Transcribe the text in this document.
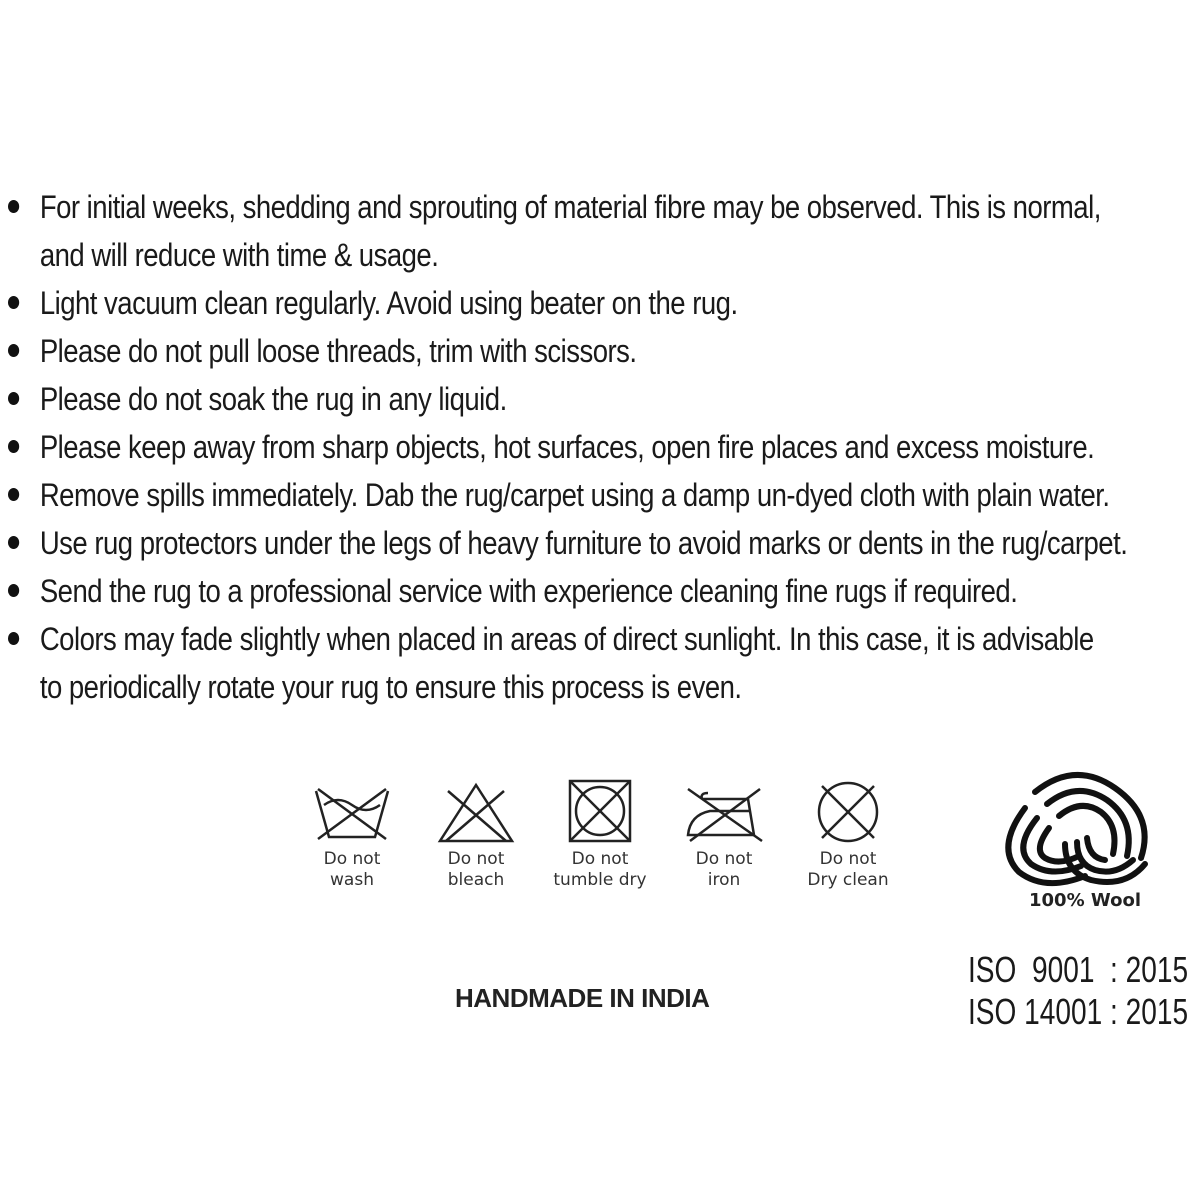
For initial weeks, shedding and sprouting of material fibre may be observed. This is normal,
and will reduce with time & usage.
Light vacuum clean regularly. Avoid using beater on the rug.
Please do not pull loose threads, trim with scissors.
Please do not soak the rug in any liquid.
Please keep away from sharp objects, hot surfaces, open fire places and excess moisture.
Remove spills immediately. Dab the rug/carpet using a damp un-dyed cloth with plain water.
Use rug protectors under the legs of heavy furniture to avoid marks or dents in the rug/carpet.
Send the rug to a professional service with experience cleaning fine rugs if required.
Colors may fade slightly when placed in areas of direct sunlight. In this case, it is advisable
to periodically rotate your rug to ensure this process is even.
Do not
wash
Do not
bleach
Do not
tumble dry
Do not
iron
Do not
Dry clean
100% Wool
HANDMADE IN INDIA
ISO  9001  : 2015
ISO 14001 : 2015
